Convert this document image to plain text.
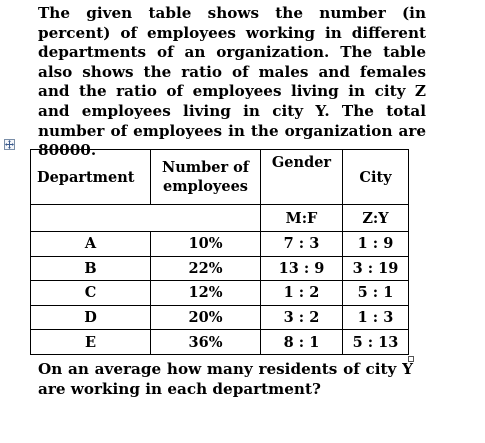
The given table shows the number (in percent) of employees working in different departments of an organization. The table also shows the ratio of males and females and the ratio of employees living in city Z and employees living in city Y. The total number of employees in the organization are 80000.

Department	Number of employees	Gender	City

		M:F	Z:Y
A	10%	7 : 3	1 : 9
B	22%	13 : 9	3 : 19
C	12%	1 : 2	5 : 1
D	20%	3 : 2	1 : 3
E	36%	8 : 1	5 : 13

On an average how many residents of city Y are working in each department?
